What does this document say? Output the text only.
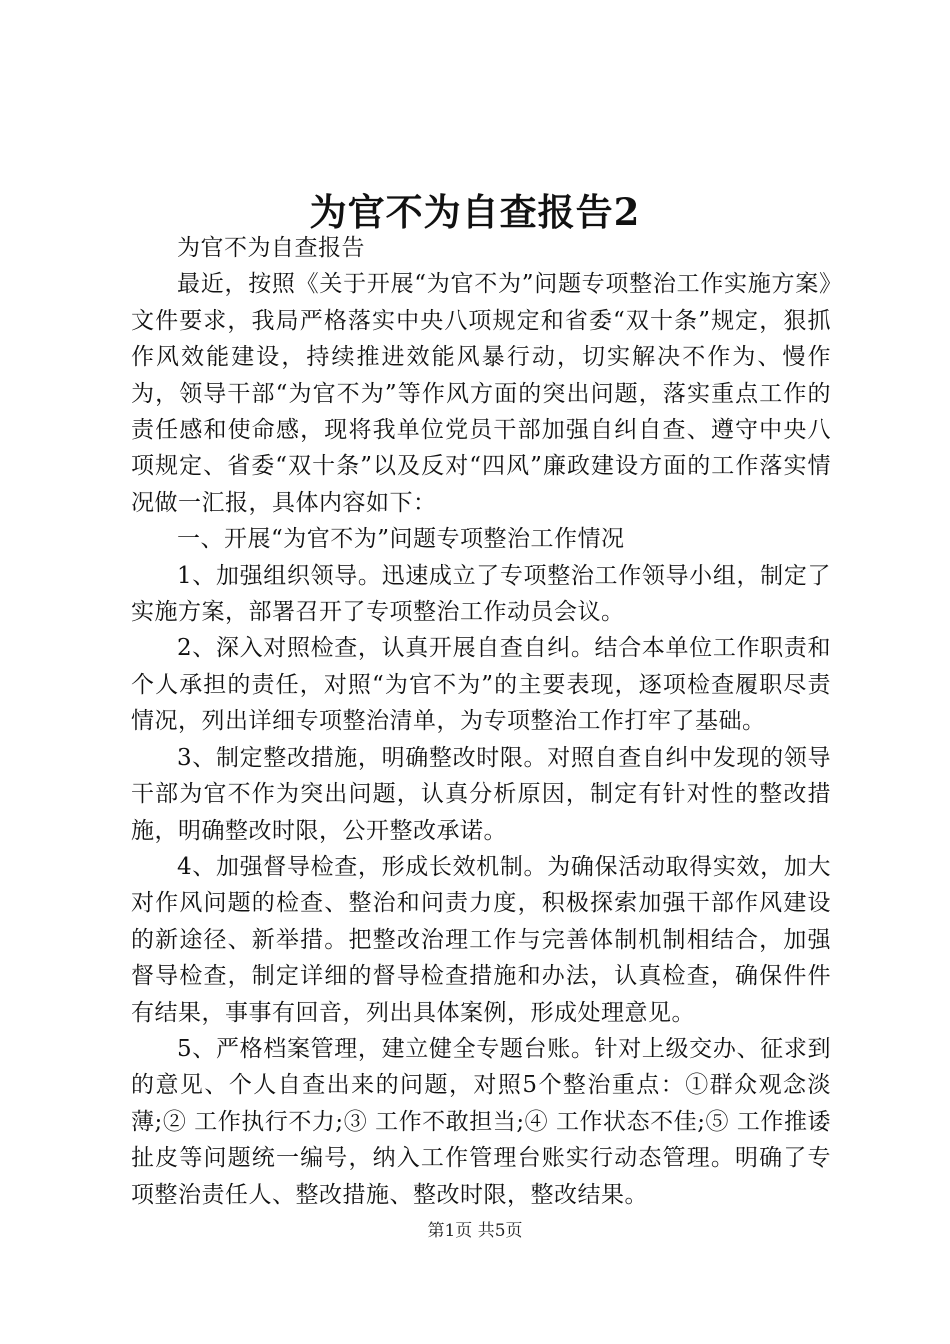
为官不为自查报告2

为官不为自查报告

最近，按照《关于开展“为官不为”问题专项整治工作实施方案》文件要求，我局严格落实中央八项规定和省委“双十条”规定，狠抓作风效能建设，持续推进效能风暴行动，切实解决不作为、慢作为，领导干部“为官不为”等作风方面的突出问题，落实重点工作的责任感和使命感，现将我单位党员干部加强自纠自查、遵守中央八项规定、省委“双十条”以及反对“四风”廉政建设方面的工作落实情况做一汇报，具体内容如下：

一、开展“为官不为”问题专项整治工作情况

1、加强组织领导。迅速成立了专项整治工作领导小组，制定了实施方案，部署召开了专项整治工作动员会议。

2、深入对照检查，认真开展自查自纠。结合本单位工作职责和个人承担的责任，对照“为官不为”的主要表现，逐项检查履职尽责情况，列出详细专项整治清单，为专项整治工作打牢了基础。

3、制定整改措施，明确整改时限。对照自查自纠中发现的领导干部为官不作为突出问题，认真分析原因，制定有针对性的整改措施，明确整改时限，公开整改承诺。

4、加强督导检查，形成长效机制。为确保活动取得实效，加大对作风问题的检查、整治和问责力度，积极探索加强干部作风建设的新途径、新举措。把整改治理工作与完善体制机制相结合，加强督导检查，制定详细的督导检查措施和办法，认真检查，确保件件有结果，事事有回音，列出具体案例，形成处理意见。

5、严格档案管理，建立健全专题台账。针对上级交办、征求到的意见、个人自查出来的问题，对照5个整治重点：①群众观念淡薄;② 工作执行不力;③ 工作不敢担当;④ 工作状态不佳;⑤ 工作推诿扯皮等问题统一编号，纳入工作管理台账实行动态管理。明确了专项整治责任人、整改措施、整改时限，整改结果。

第1页 共5页
